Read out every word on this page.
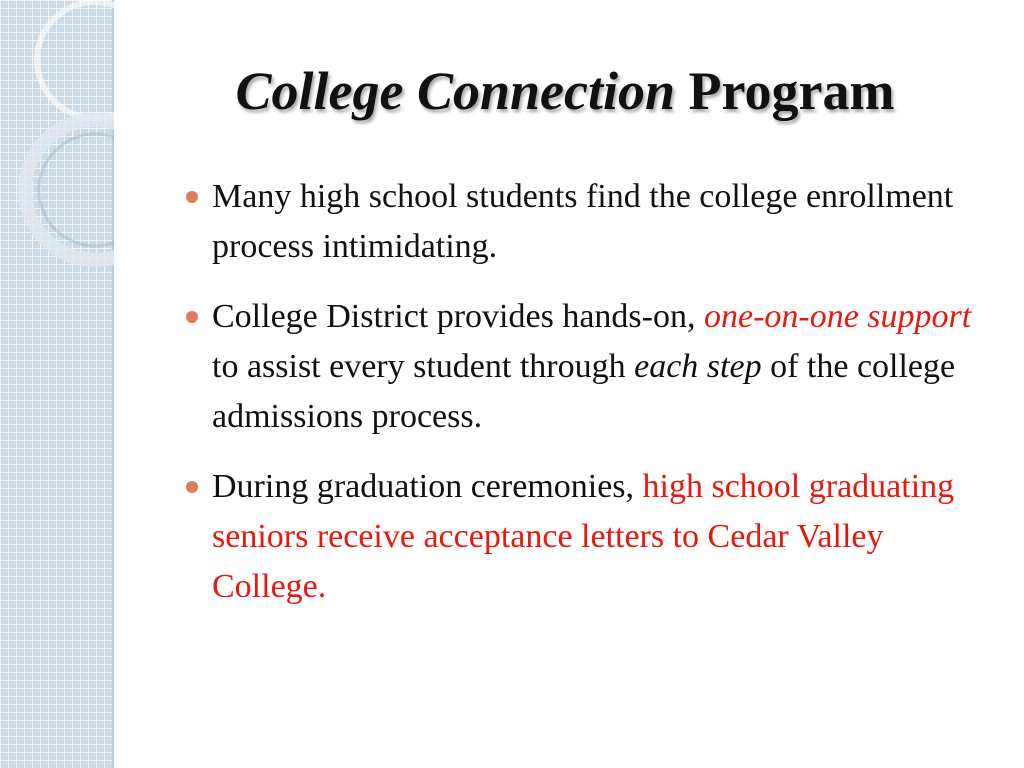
College Connection Program
Many high school students find the college enrollment process intimidating.
College District provides hands-on, one-on-one support to assist every student through each step of the college admissions process.
During graduation ceremonies, high school graduating seniors receive acceptance letters to Cedar Valley College.
